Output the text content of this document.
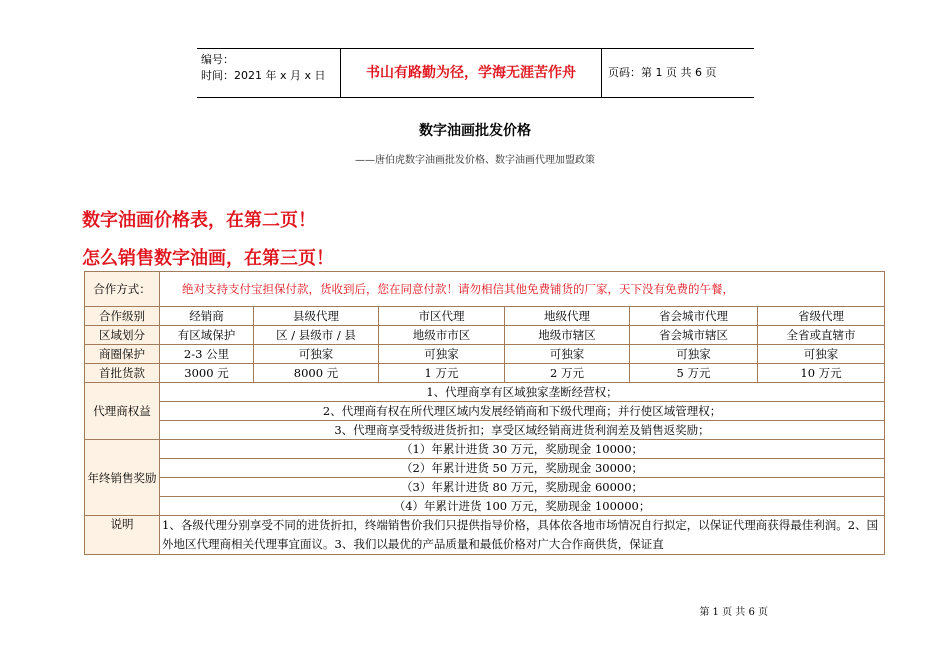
编号：
时间：2021 年 x 月 x 日	书山有路勤为径，学海无涯苦作舟	页码：第 1 页 共 6 页
数字油画批发价格
——唐伯虎数字油画批发价格、数字油画代理加盟政策
数字油画价格表，在第二页！
怎么销售数字油画，在第三页！
合作方式：	绝对支持支付宝担保付款，货收到后，您在同意付款！请勿相信其他免费铺货的厂家，天下没有免费的午餐，					
合作级别	经销商	县级代理	市区代理	地级代理	省会城市代理	省级代理
区域划分	有区域保护	区 / 县级市 / 县	地级市市区	地级市辖区	省会城市辖区	全省或直辖市
商圈保护	2-3 公里	可独家	可独家	可独家	可独家	可独家
首批货款	3000 元	8000 元	1 万元	2 万元	5 万元	10 万元
代理商权益	1、代理商享有区域独家垄断经营权；					
	2、代理商有权在所代理区域内发展经销商和下级代理商；并行使区域管理权；					
	3、代理商享受特级进货折扣；享受区域经销商进货利润差及销售返奖励；					
年终销售奖励	（1）年累计进货 30 万元，奖励现金 10000；					
	（2）年累计进货 50 万元，奖励现金 30000；					
	（3）年累计进货 80 万元，奖励现金 60000；					
	（4）年累计进货 100 万元，奖励现金 100000；					
说明	1、各级代理分别享受不同的进货折扣，终端销售价我们只提供指导价格，具体依各地市场情况自行拟定，以保证代理商获得最佳利润。2、国外地区代理商相关代理事宜面议。3、我们以最优的产品质量和最低价格对广大合作商供货，保证直					
第 1 页 共 6 页
